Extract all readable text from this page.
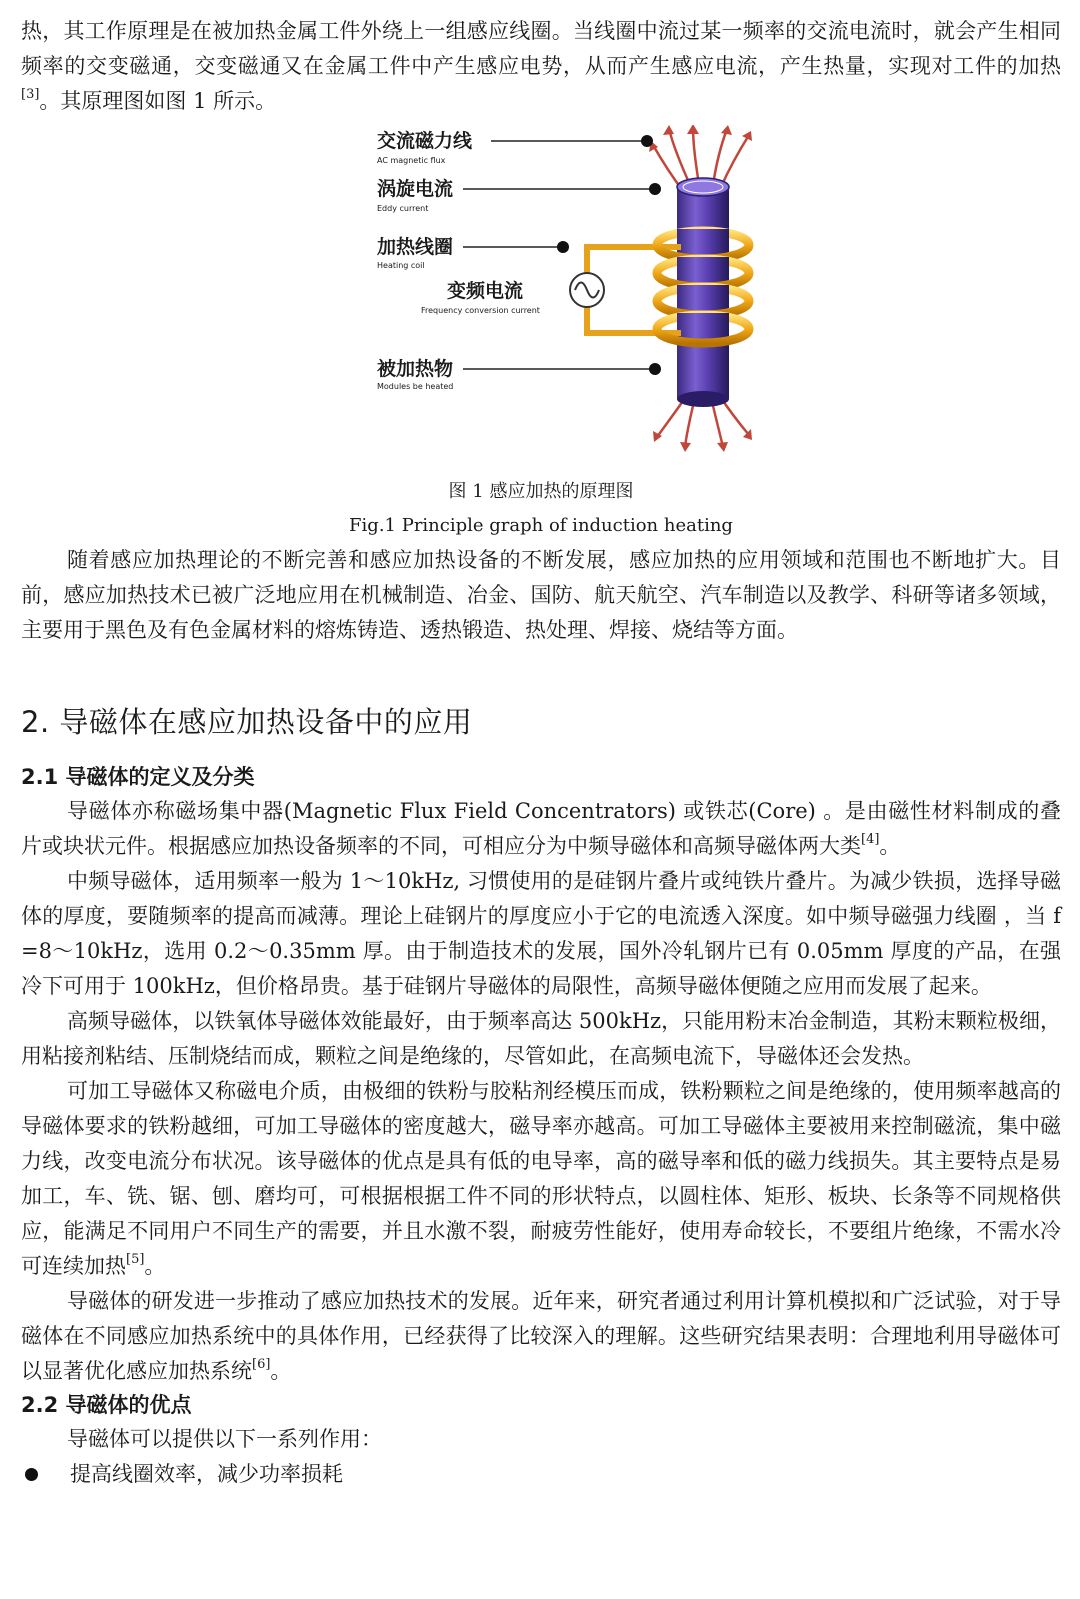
热，其工作原理是在被加热金属工件外绕上一组感应线圈。当线圈中流过某一频率的交流电流时，就会产生相同频率的交变磁通，交变磁通又在金属工件中产生感应电势，从而产生感应电流，产生热量，实现对工件的加热[3]。其原理图如图 1 所示。

交流磁力线
AC magnetic flux
涡旋电流
Eddy current
加热线圈
Heating coil
变频电流
Frequency conversion current
被加热物
Modules be heated

图 1 感应加热的原理图

Fig.1 Principle graph of induction heating

随着感应加热理论的不断完善和感应加热设备的不断发展，感应加热的应用领域和范围也不断地扩大。目前，感应加热技术已被广泛地应用在机械制造、冶金、国防、航天航空、汽车制造以及教学、科研等诸多领域，主要用于黑色及有色金属材料的熔炼铸造、透热锻造、热处理、焊接、烧结等方面。

2. 导磁体在感应加热设备中的应用
2.1 导磁体的定义及分类

导磁体亦称磁场集中器(Magnetic Flux Field Concentrators) 或铁芯(Core) 。是由磁性材料制成的叠片或块状元件。根据感应加热设备频率的不同，可相应分为中频导磁体和高频导磁体两大类[4]。

中频导磁体，适用频率一般为 1～10kHz, 习惯使用的是硅钢片叠片或纯铁片叠片。为减少铁损，选择导磁体的厚度，要随频率的提高而减薄。理论上硅钢片的厚度应小于它的电流透入深度。如中频导磁强力线圈 ，当 f =8～10kHz，选用 0.2～0.35mm 厚。由于制造技术的发展，国外冷轧钢片已有 0.05mm 厚度的产品，在强冷下可用于 100kHz，但价格昂贵。基于硅钢片导磁体的局限性，高频导磁体便随之应用而发展了起来。

高频导磁体，以铁氧体导磁体效能最好，由于频率高达 500kHz，只能用粉末冶金制造，其粉末颗粒极细，用粘接剂粘结、压制烧结而成，颗粒之间是绝缘的，尽管如此，在高频电流下，导磁体还会发热。

可加工导磁体又称磁电介质，由极细的铁粉与胶粘剂经模压而成，铁粉颗粒之间是绝缘的，使用频率越高的导磁体要求的铁粉越细，可加工导磁体的密度越大，磁导率亦越高。可加工导磁体主要被用来控制磁流，集中磁力线，改变电流分布状况。该导磁体的优点是具有低的电导率，高的磁导率和低的磁力线损失。其主要特点是易加工，车、铣、锯、刨、磨均可，可根据根据工件不同的形状特点，以圆柱体、矩形、板块、长条等不同规格供应，能满足不同用户不同生产的需要，并且水激不裂，耐疲劳性能好，使用寿命较长，不要组片绝缘，不需水冷可连续加热[5]。

导磁体的研发进一步推动了感应加热技术的发展。近年来，研究者通过利用计算机模拟和广泛试验，对于导磁体在不同感应加热系统中的具体作用，已经获得了比较深入的理解。这些研究结果表明：合理地利用导磁体可以显著优化感应加热系统[6]。

2.2 导磁体的优点

导磁体可以提供以下一系列作用：

提高线圈效率，减少功率损耗
